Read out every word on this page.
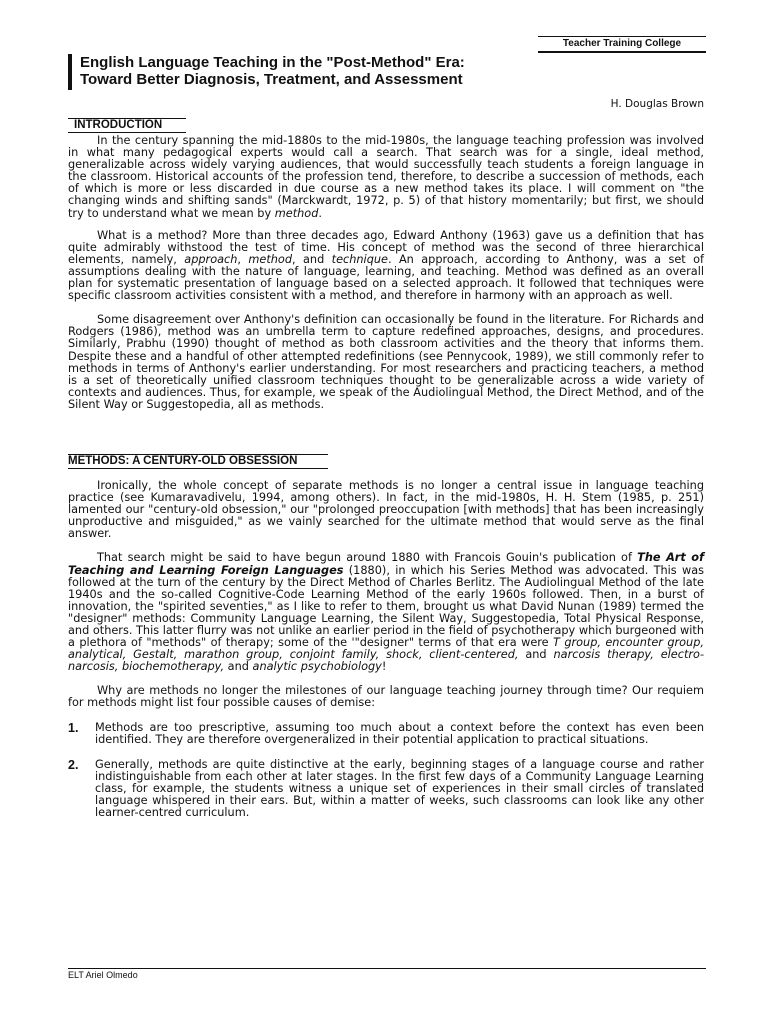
Teacher Training College
English Language Teaching in the "Post-Method" Era:
Toward Better Diagnosis, Treatment, and Assessment
H. Douglas Brown
INTRODUCTION

In the century spanning the mid-1880s to the mid-1980s, the language teaching profession was involved in what many pedagogical experts would call a search. That search was for a single, ideal method, generalizable across widely varying audiences, that would successfully teach students a foreign language in the classroom. Historical accounts of the profession tend, therefore, to describe a succession of methods, each of which is more or less discarded in due course as a new method takes its place. I will comment on "the changing winds and shifting sands" (Marckwardt, 1972, p. 5) of that history momentarily; but first, we should try to understand what we mean by method.

What is a method? More than three decades ago, Edward Anthony (1963) gave us a definition that has quite admirably withstood the test of time. His concept of method was the second of three hierarchical elements, namely, approach, method, and technique. An approach, according to Anthony, was a set of assumptions dealing with the nature of language, learning, and teaching. Method was defined as an overall plan for systematic presentation of language based on a selected approach. It followed that techniques were specific classroom activities consistent with a method, and therefore in harmony with an approach as well.

Some disagreement over Anthony's definition can occasionally be found in the literature. For Richards and Rodgers (1986), method was an umbrella term to capture redefined approaches, designs, and procedures. Similarly, Prabhu (1990) thought of method as both classroom activities and the theory that informs them. Despite these and a handful of other attempted redefinitions (see Pennycook, 1989), we still commonly refer to methods in terms of Anthony's earlier understanding. For most researchers and practicing teachers, a method is a set of theoretically unified classroom techniques thought to be generalizable across a wide variety of contexts and audiences. Thus, for example, we speak of the Audiolingual Method, the Direct Method, and of the Silent Way or Suggestopedia, all as methods.

METHODS: A CENTURY-OLD OBSESSION

Ironically, the whole concept of separate methods is no longer a central issue in language teaching practice (see Kumaravadivelu, 1994, among others). In fact, in the mid-1980s, H. H. Stem (1985, p. 251) lamented our "century-old obsession," our "prolonged preoccupation [with methods] that has been increasingly unproductive and misguided," as we vainly searched for the ultimate method that would serve as the final answer.

That search might be said to have begun around 1880 with Francois Gouin's publication of The Art of Teaching and Learning Foreign Languages (1880), in which his Series Method was advocated. This was followed at the turn of the century by the Direct Method of Charles Berlitz. The Audiolingual Method of the late 1940s and the so-called Cognitive-Code Learning Method of the early 1960s followed. Then, in a burst of innovation, the "spirited seventies," as I like to refer to them, brought us what David Nunan (1989) termed the "designer" methods: Community Language Learning, the Silent Way, Suggestopedia, Total Physical Response, and others. This latter flurry was not unlike an earlier period in the field of psychotherapy which burgeoned with a plethora of "methods" of therapy; some of the '"designer" terms of that era were T group, encounter group, analytical, Gestalt, marathon group, conjoint family, shock, client-centered, and narcosis therapy, electro-narcosis, biochemotherapy, and analytic psychobiology!

Why are methods no longer the milestones of our language teaching journey through time? Our requiem for methods might list four possible causes of demise:

1.	Methods are too prescriptive, assuming too much about a context before the context has even been identified. They are therefore overgeneralized in their potential application to practical situations.
2.	Generally, methods are quite distinctive at the early, beginning stages of a language course and rather indistinguishable from each other at later stages. In the first few days of a Community Language Learning class, for example, the students witness a unique set of experiences in their small circles of translated language whispered in their ears. But, within a matter of weeks, such classrooms can look like any other learner-centred curriculum.
ELT Ariel Olmedo
